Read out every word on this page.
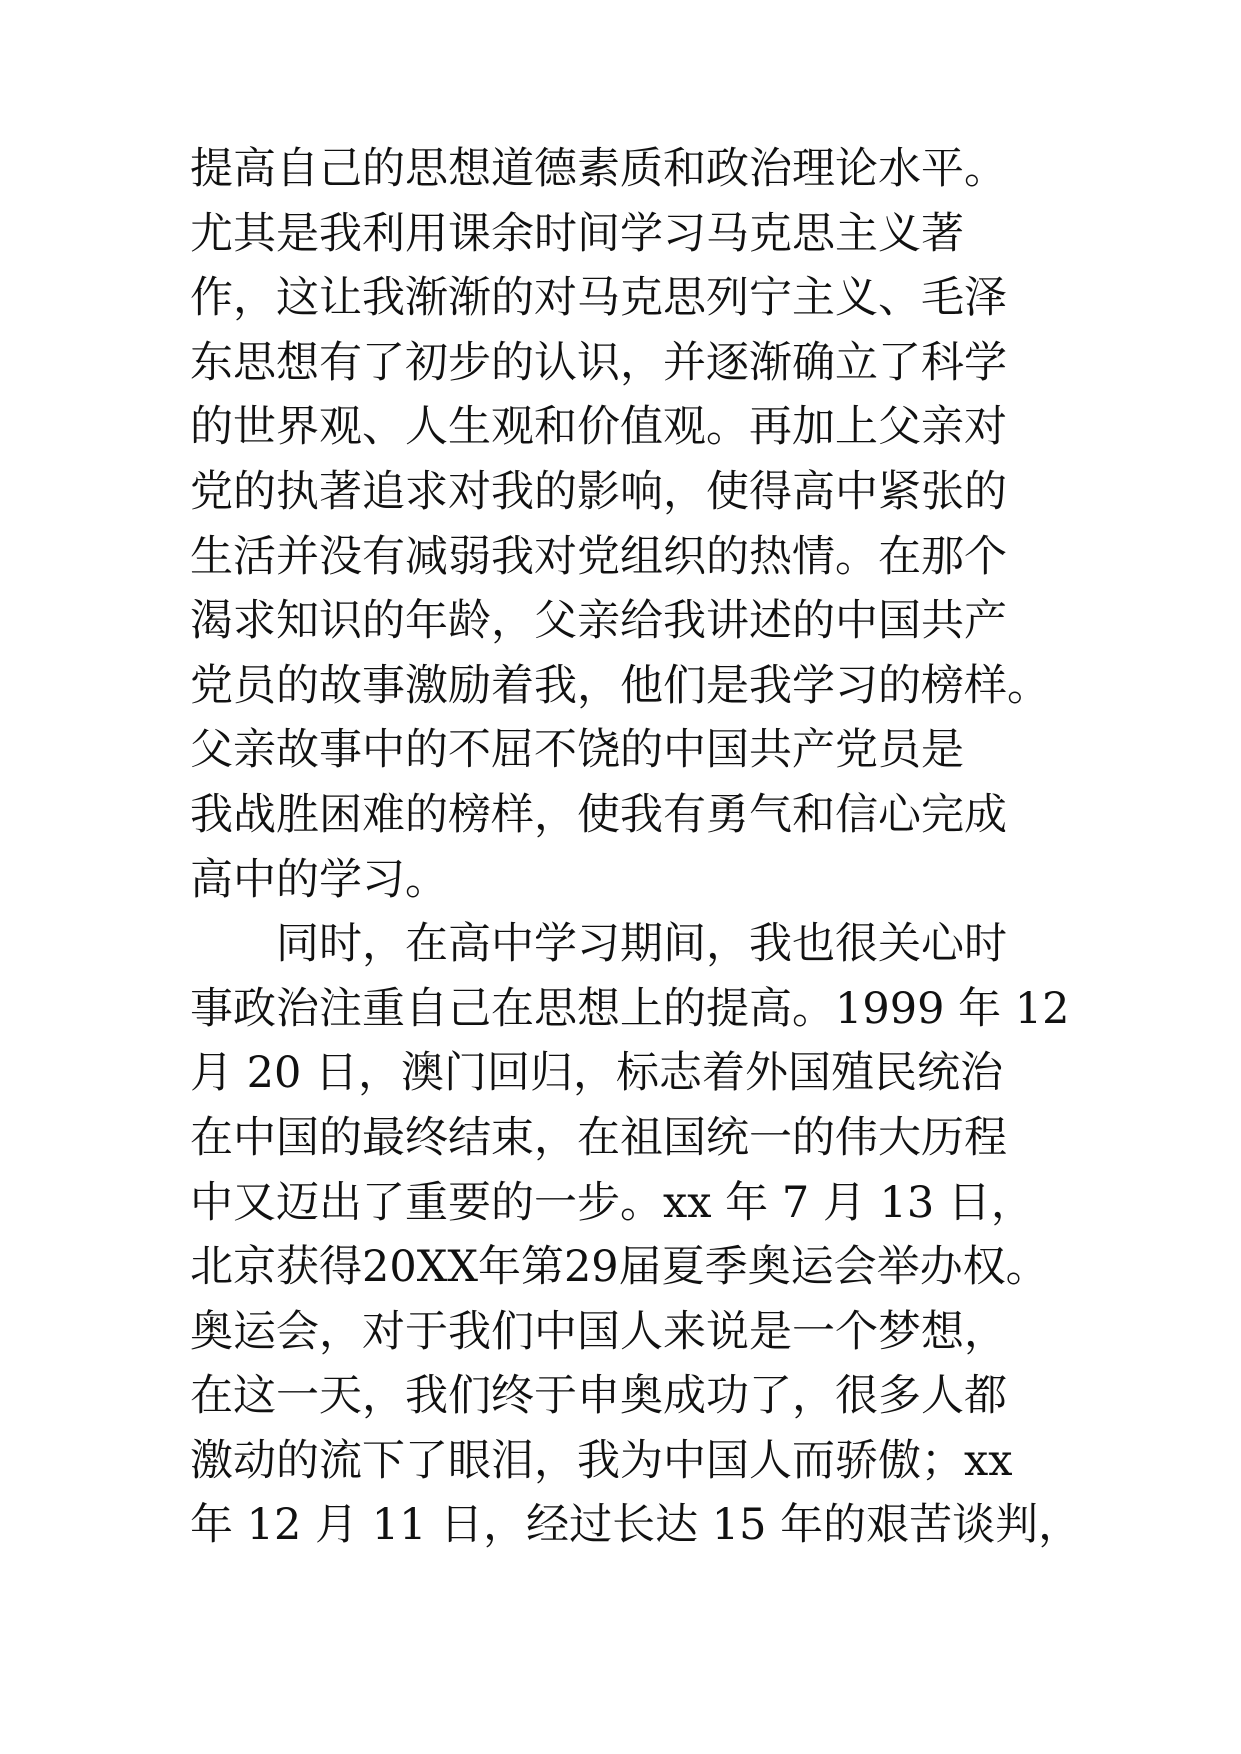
提高自己的思想道德素质和政治理论水平。
尤其是我利用课余时间学习马克思主义著
作，这让我渐渐的对马克思列宁主义、毛泽
东思想有了初步的认识，并逐渐确立了科学
的世界观、人生观和价值观。再加上父亲对
党的执著追求对我的影响，使得高中紧张的
生活并没有减弱我对党组织的热情。在那个
渴求知识的年龄，父亲给我讲述的中国共产
党员的故事激励着我，他们是我学习的榜样。
父亲故事中的不屈不饶的中国共产党员是
我战胜困难的榜样，使我有勇气和信心完成
高中的学习。
　　同时，在高中学习期间，我也很关心时
事政治注重自己在思想上的提高。1999 年 12
月 20 日，澳门回归，标志着外国殖民统治
在中国的最终结束，在祖国统一的伟大历程
中又迈出了重要的一步。xx 年 7 月 13 日，
北京获得20XX年第29届夏季奥运会举办权。
奥运会，对于我们中国人来说是一个梦想，
在这一天，我们终于申奥成功了，很多人都
激动的流下了眼泪，我为中国人而骄傲；xx
年 12 月 11 日，经过长达 15 年的艰苦谈判，
